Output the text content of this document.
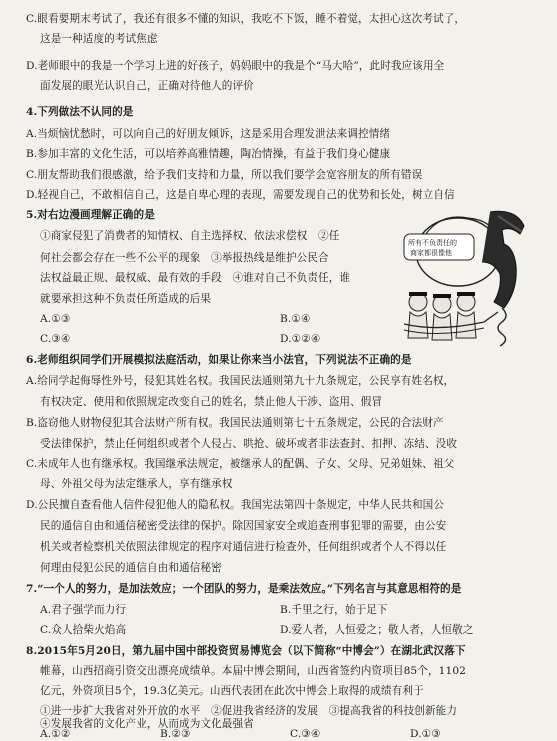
C.眼看要期末考试了，我还有很多不懂的知识，我吃不下饭，睡不着觉，太担心这次考试了，
这是一种适度的考试焦虑
D.老师眼中的我是一个学习上进的好孩子，妈妈眼中的我是个“马大哈”，此时我应该用全
面发展的眼光认识自己，正确对待他人的评价
4.下列做法不认同的是
A.当烦恼忧愁时，可以向自己的好朋友倾诉，这是采用合理发泄法来调控情绪
B.参加丰富的文化生活，可以培养高雅情趣，陶冶情操，有益于我们身心健康
C.朋友帮助我们很感激，给予我们支持和力量，所以我们要学会宽容朋友的所有错误
D.轻视自己，不敢相信自己，这是自卑心理的表现，需要发现自己的优势和长处，树立自信
5.对右边漫画理解正确的是
①商家侵犯了消费者的知情权、自主选择权、依法求偿权　②任
何社会都会存在一些不公平的现象　③举报热线是维护公民合
法权益最正规、最权威、最有效的手段　④谁对自己不负责任，谁
就要承担这种不负责任所造成的后果
A.①③	B.①④
C.③④	D.①②④
所有不负责任的
商家都很像他
6.老师组织同学们开展模拟法庭活动，如果让你来当小法官，下列说法不正确的是
A.给同学起侮辱性外号，侵犯其姓名权。我国民法通则第九十九条规定，公民享有姓名权，
有权决定、使用和依照规定改变自己的姓名，禁止他人干涉、盗用、假冒
B.盗窃他人财物侵犯其合法财产所有权。我国民法通则第七十五条规定，公民的合法财产
受法律保护，禁止任何组织或者个人侵占、哄抢、破坏或者非法查封、扣押、冻结、没收
C.未成年人也有继承权。我国继承法规定，被继承人的配偶、子女、父母、兄弟姐妹、祖父
母、外祖父母为法定继承人，享有继承权
D.公民擅自查看他人信件侵犯他人的隐私权。我国宪法第四十条规定，中华人民共和国公
民的通信自由和通信秘密受法律的保护。除因国家安全或追查刑事犯罪的需要，由公安
机关或者检察机关依照法律规定的程序对通信进行检查外，任何组织或者个人不得以任
何理由侵犯公民的通信自由和通信秘密
7.“一个人的努力，是加法效应；一个团队的努力，是乘法效应。”下列名言与其意思相符的是
A.君子强学而力行	B.千里之行，始于足下
C.众人拾柴火焰高	D.爱人者，人恒爱之；敬人者，人恒敬之
8.2015年5月20日，第九届中国中部投资贸易博览会（以下简称“中博会”）在湖北武汉落下
帷幕，山西招商引资交出漂亮成绩单。本届中博会期间，山西省签约内资项目85个，1102
亿元，外资项目5个，19.3亿美元。山西代表团在此次中博会上取得的成绩有利于
①进一步扩大我省对外开放的水平　②促进我省经济的发展　③提高我省的科技创新能力
④发展我省的文化产业，从而成为文化最强省
A.①②	B.②③	C.③④	D.①③
